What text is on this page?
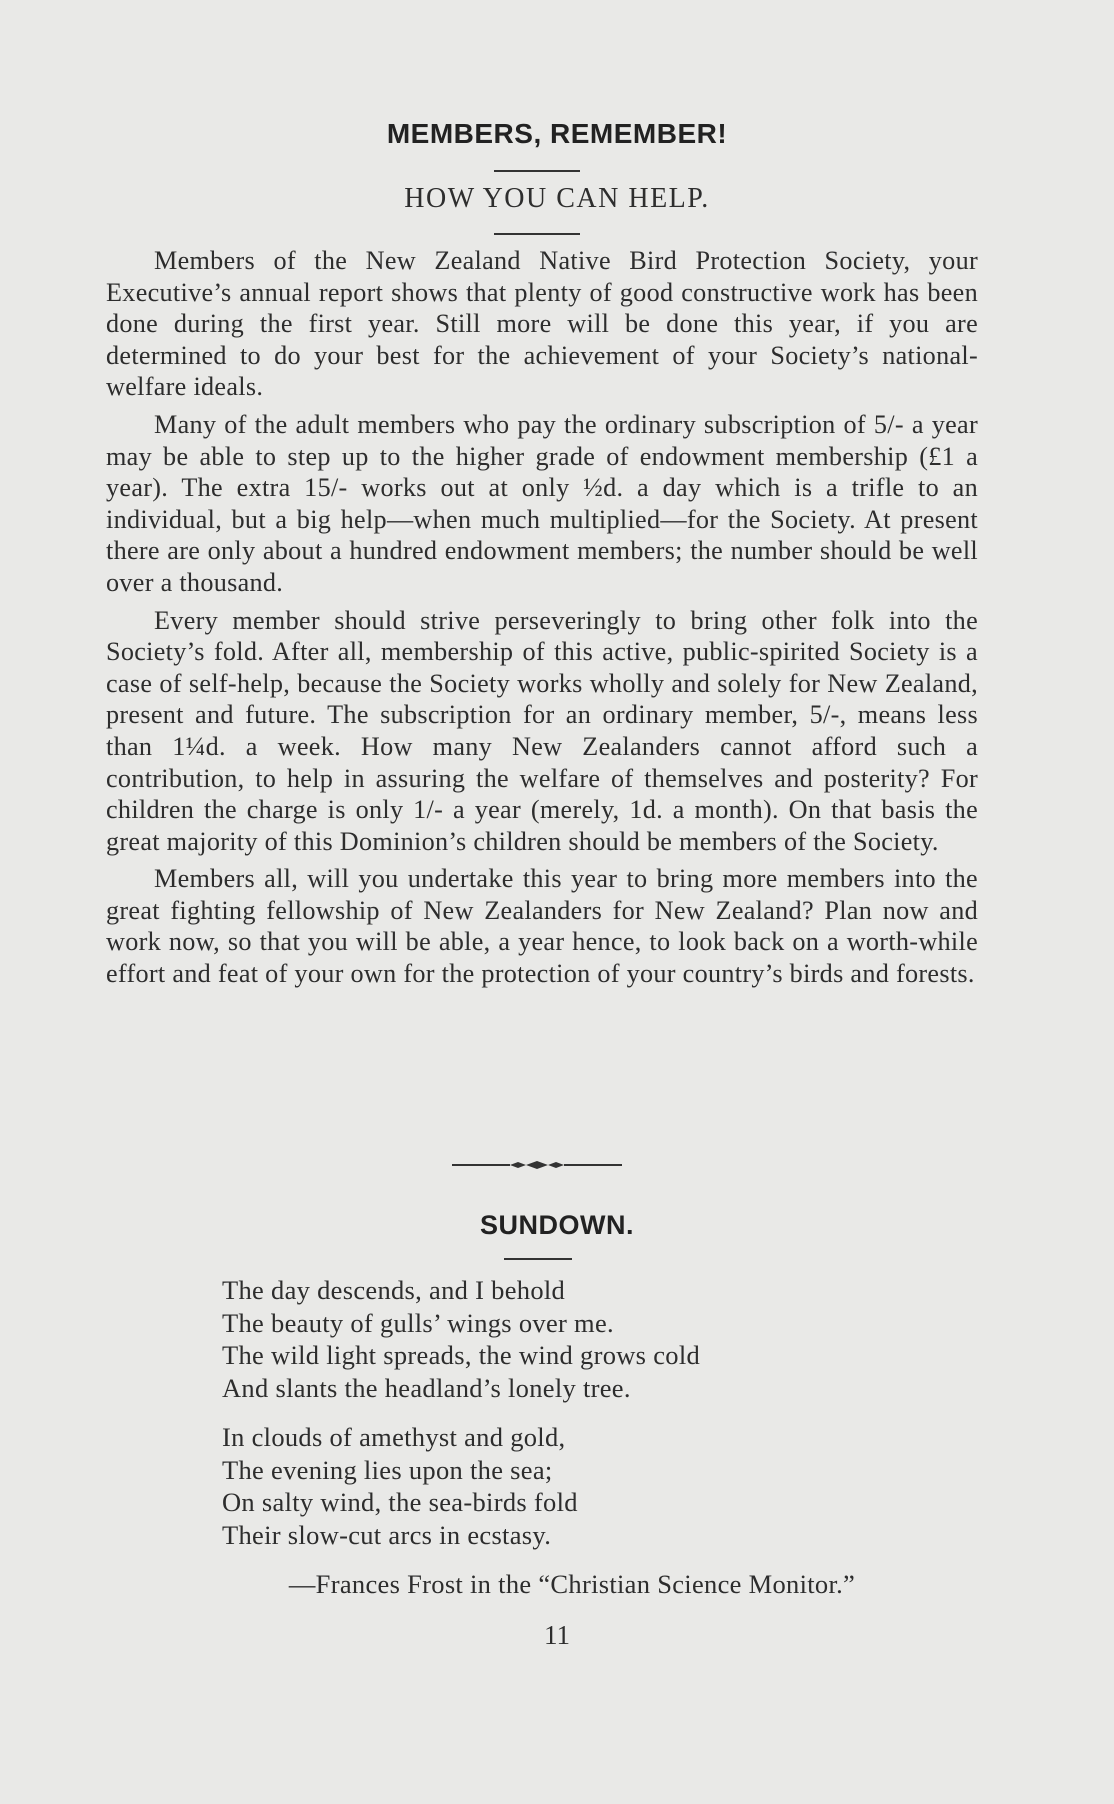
MEMBERS, REMEMBER!
HOW YOU CAN HELP.

Members of the New Zealand Native Bird Protection Society, your Executive’s annual report shows that plenty of good constructive work has been done during the first year. Still more will be done this year, if you are determined to do your best for the achievement of your Society’s national-welfare ideals.

Many of the adult members who pay the ordinary subscription of 5/- a year may be able to step up to the higher grade of endowment membership (£1 a year). The extra 15/- works out at only ½d. a day which is a trifle to an individual, but a big help—when much multiplied—for the Society. At present there are only about a hundred endowment members; the number should be well over a thousand.

Every member should strive perseveringly to bring other folk into the Society’s fold. After all, membership of this active, public-spirited Society is a case of self-help, because the Society works wholly and solely for New Zealand, present and future. The subscription for an ordinary member, 5/-, means less than 1¼d. a week. How many New Zealanders cannot afford such a contribution, to help in assuring the welfare of themselves and posterity? For children the charge is only 1/- a year (merely, 1d. a month). On that basis the great majority of this Dominion’s children should be members of the Society.

Members all, will you undertake this year to bring more members into the great fighting fellowship of New Zealanders for New Zealand? Plan now and work now, so that you will be able, a year hence, to look back on a worth-while effort and feat of your own for the protection of your country’s birds and forests.

SUNDOWN.
The day descends, and I behold
The beauty of gulls’ wings over me.
The wild light spreads, the wind grows cold
And slants the headland’s lonely tree.
In clouds of amethyst and gold,
The evening lies upon the sea;
On salty wind, the sea-birds fold
Their slow-cut arcs in ecstasy.
—Frances Frost in the “Christian Science Monitor.”
11
